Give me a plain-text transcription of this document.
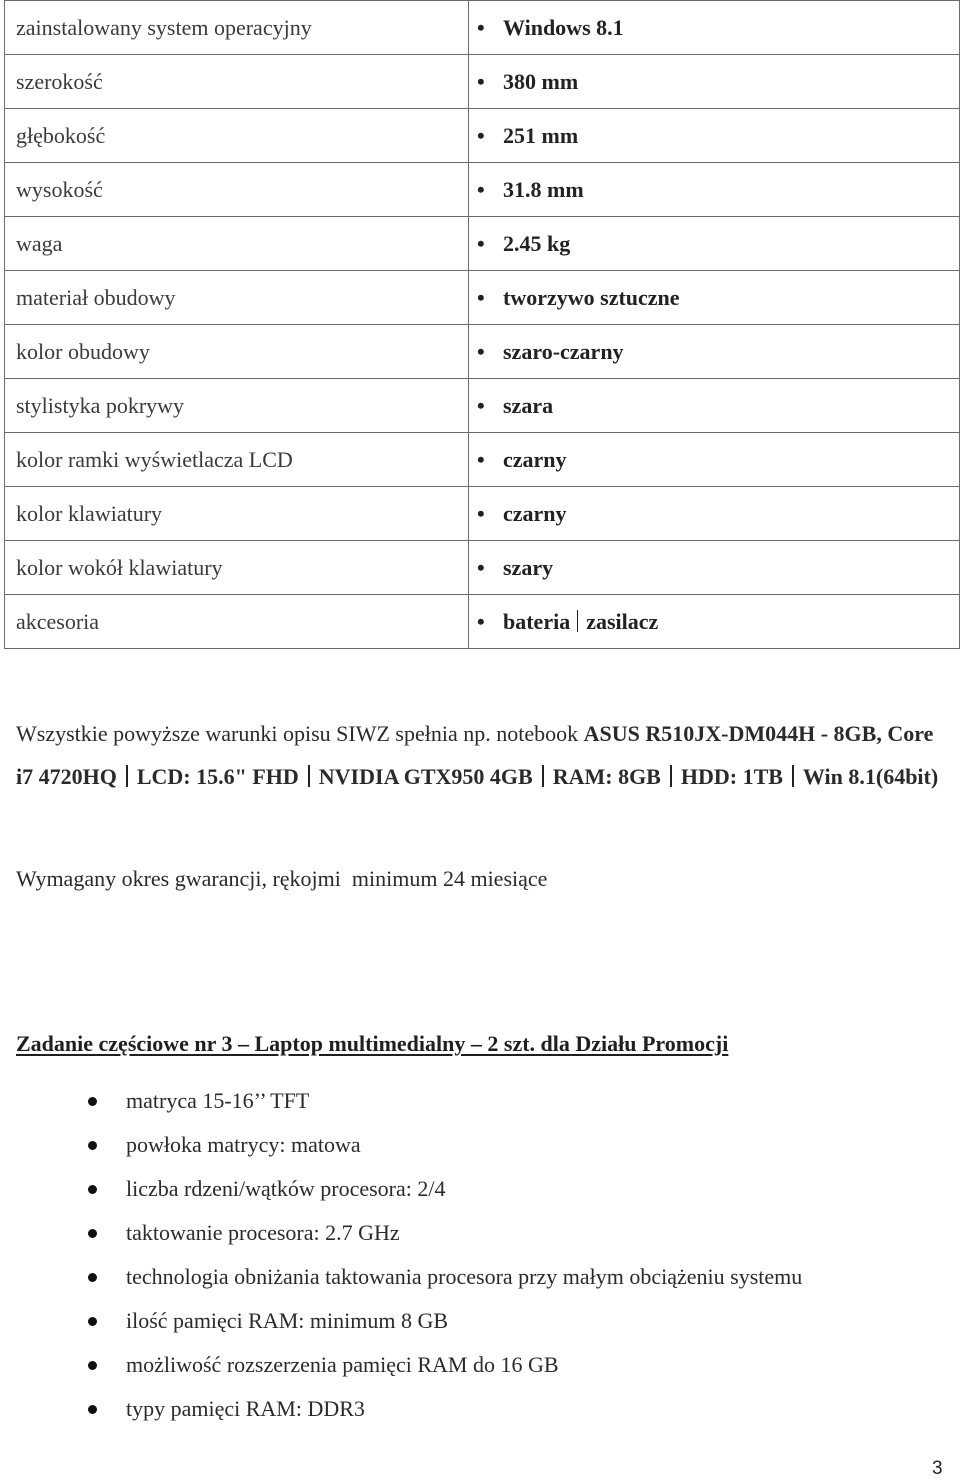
zainstalowany system operacyjny	• Windows 8.1
szerokość	• 380 mm
głębokość	• 251 mm
wysokość	• 31.8 mm
waga	• 2.45 kg
materiał obudowy	• tworzywo sztuczne
kolor obudowy	• szaro-czarny
stylistyka pokrywy	• szara
kolor ramki wyświetlacza LCD	• czarny
kolor klawiatury	• czarny
kolor wokół klawiatury	• szary
akcesoria	• bateria zasilacz

Wszystkie powyższe warunki opisu SIWZ spełnia np. notebook ASUS R510JX-DM044H - 8GB, Core i7 4720HQ LCD: 15.6" FHD NVIDIA GTX950 4GB RAM: 8GB HDD: 1TB Win 8.1(64bit)

Wymagany okres gwarancji, rękojmi  minimum 24 miesiące

Zadanie częściowe nr 3 – Laptop multimedialny – 2 szt. dla Działu Promocji
matryca 15-16’’ TFT
powłoka matrycy: matowa
liczba rdzeni/wątków procesora: 2/4
taktowanie procesora: 2.7 GHz
technologia obniżania taktowania procesora przy małym obciążeniu systemu
ilość pamięci RAM: minimum 8 GB
możliwość rozszerzenia pamięci RAM do 16 GB
typy pamięci RAM: DDR3
3
